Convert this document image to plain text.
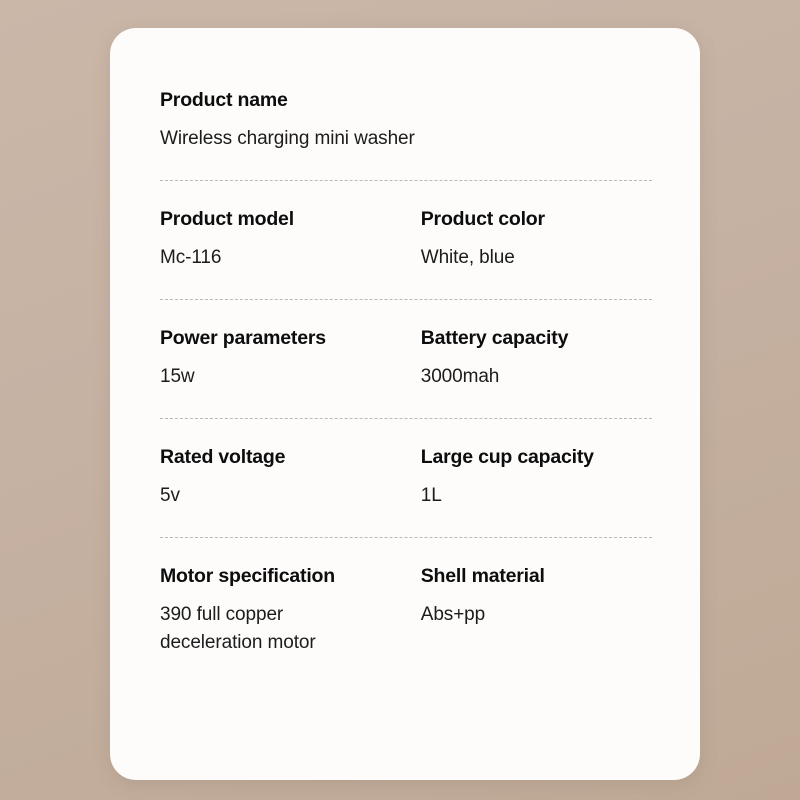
Product name
Wireless charging mini washer
Product model
Mc-116
Product color
White, blue
Power parameters
15w
Battery capacity
3000mah
Rated voltage
5v
Large cup capacity
1L
Motor specification
390 full copper deceleration motor
Shell material
Abs+pp
